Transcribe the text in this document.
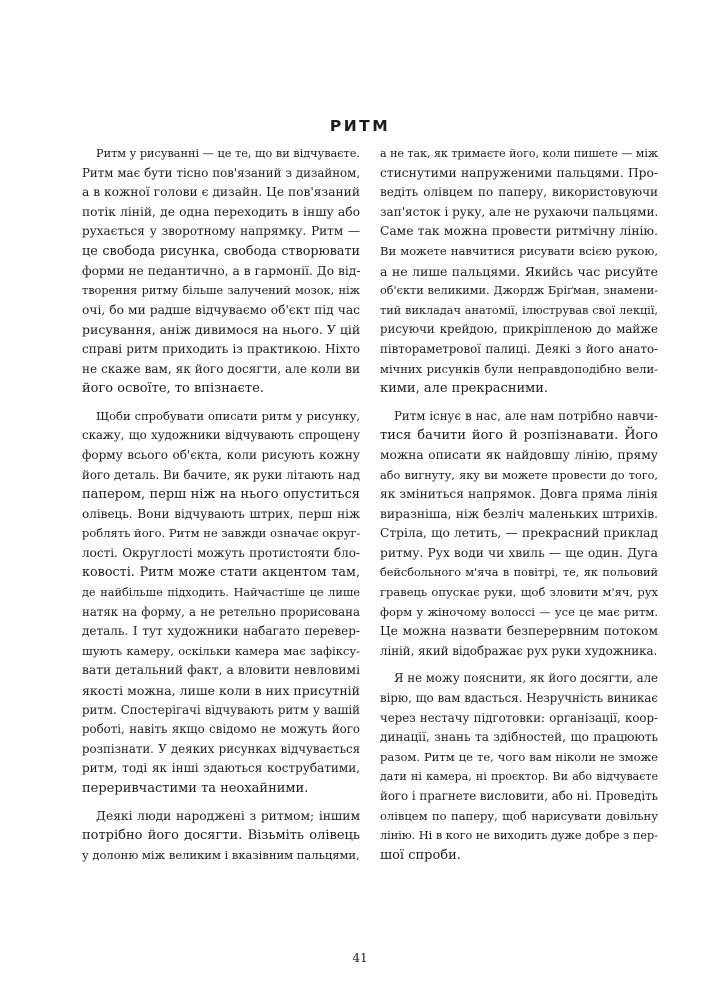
РИТМ
Ритм у рисуванні — це те, що ви відчуваєте.
Ритм має бути тісно пов'язаний з дизайном,
а в кожної голови є дизайн. Це пов'язаний
потік ліній, де одна переходить в іншу або
рухається у зворотному напрямку. Ритм —
це свобода рисунка, свобода створювати
форми не педантично, а в гармонії. До від-
творення ритму більше залучений мозок, ніж
очі, бо ми радше відчуваємо об'єкт під час
рисування, аніж дивимося на нього. У цій
справі ритм приходить із практикою. Ніхто
не скаже вам, як його досягти, але коли ви
його освоїте, то впізнаєте.
Щоби спробувати описати ритм у рисунку,
скажу, що художники відчувають спрощену
форму всього об'єкта, коли рисують кожну
його деталь. Ви бачите, як руки літають над
папером, перш ніж на нього опуститься
олівець. Вони відчувають штрих, перш ніж
роблять його. Ритм не завжди означає округ-
лості. Округлості можуть протистояти бло-
ковості. Ритм може стати акцентом там,
де найбільше підходить. Найчастіше це лише
натяк на форму, а не ретельно прорисована
деталь. І тут художники набагато перевер-
шують камеру, оскільки камера має зафіксу-
вати детальний факт, а вловити невловимі
якості можна, лише коли в них присутній
ритм. Спостерігачі відчувають ритм у вашій
роботі, навіть якщо свідомо не можуть його
розпізнати. У деяких рисунках відчувається
ритм, тоді як інші здаються кострубатими,
переривчастими та неохайними.
Деякі люди народжені з ритмом; іншим
потрібно його досягти. Візьміть олівець
у долоню між великим і вказівним пальцями,
а не так, як тримаєте його, коли пишете — між
стиснутими напруженими пальцями. Про-
ведіть олівцем по паперу, використовуючи
зап'ясток і руку, але не рухаючи пальцями.
Саме так можна провести ритмічну лінію.
Ви можете навчитися рисувати всією рукою,
а не лише пальцями. Якийсь час рисуйте
об'єкти великими. Джордж Бріґман, знамени-
тий викладач анатомії, ілюстрував свої лекції,
рисуючи крейдою, прикріпленою до майже
півтораметрової палиці. Деякі з його анато-
мічних рисунків були неправдоподібно вели-
кими, але прекрасними.
Ритм існує в нас, але нам потрібно навчи-
тися бачити його й розпізнавати. Його
можна описати як найдовшу лінію, пряму
або вигнуту, яку ви можете провести до того,
як зміниться напрямок. Довга пряма лінія
виразніша, ніж безліч маленьких штрихів.
Стріла, що летить, — прекрасний приклад
ритму. Рух води чи хвиль — ще один. Дуга
бейсбольного м'яча в повітрі, те, як польовий
гравець опускає руки, щоб зловити м'яч, рух
форм у жіночому волоссі — усе це має ритм.
Це можна назвати безперервним потоком
ліній, який відображає рух руки художника.
Я не можу пояснити, як його досягти, але
вірю, що вам вдасться. Незручність виникає
через нестачу підготовки: організації, коор-
динації, знань та здібностей, що працюють
разом. Ритм це те, чого вам ніколи не зможе
дати ні камера, ні проєктор. Ви або відчуваєте
його і прагнете висловити, або ні. Проведіть
олівцем по паперу, щоб нарисувати довільну
лінію. Ні в кого не виходить дуже добре з пер-
шої спроби.
41
